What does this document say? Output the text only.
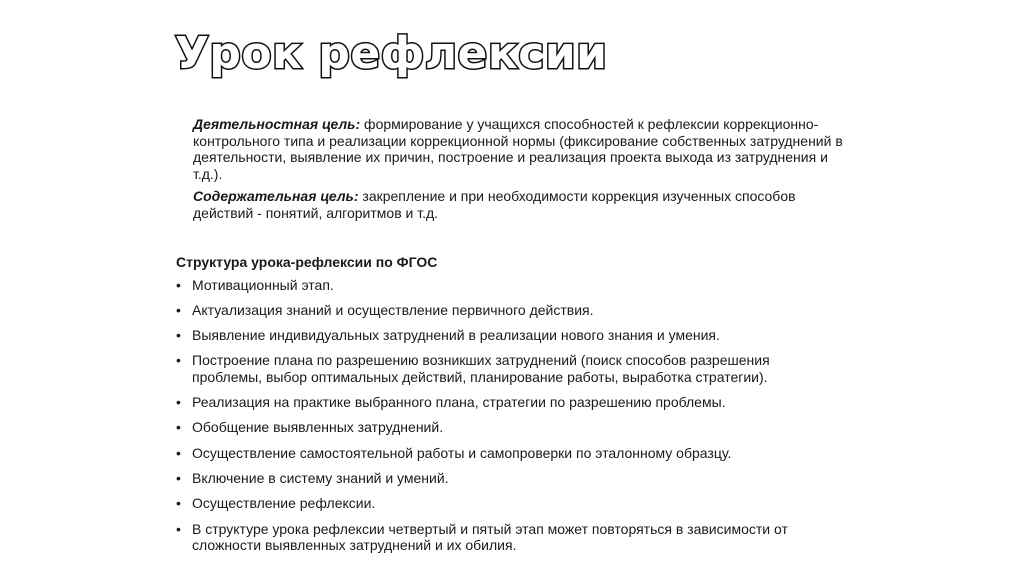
Урок рефлексии

Деятельностная цель: формирование у учащихся способностей к рефлексии коррекционно-контрольного типа и реализации коррекционной нормы (фиксирование собственных затруднений в деятельности, выявление их причин, построение и реализация проекта выхода из затруднения и т.д.).

Содержательная цель: закрепление и при необходимости коррекция изученных способов действий - понятий, алгоритмов и т.д.

Структура урока-рефлексии по ФГОС
• Мотивационный этап.
• Актуализация знаний и осуществление первичного действия.
• Выявление индивидуальных затруднений в реализации нового знания и умения.
• Построение плана по разрешению возникших затруднений (поиск способов разрешения проблемы, выбор оптимальных действий, планирование работы, выработка стратегии).
• Реализация на практике выбранного плана, стратегии по разрешению проблемы.
• Обобщение выявленных затруднений.
• Осуществление самостоятельной работы и самопроверки по эталонному образцу.
• Включение в систему знаний и умений.
• Осуществление рефлексии.
• В структуре урока рефлексии четвертый и пятый этап может повторяться в зависимости от сложности выявленных затруднений и их обилия.
